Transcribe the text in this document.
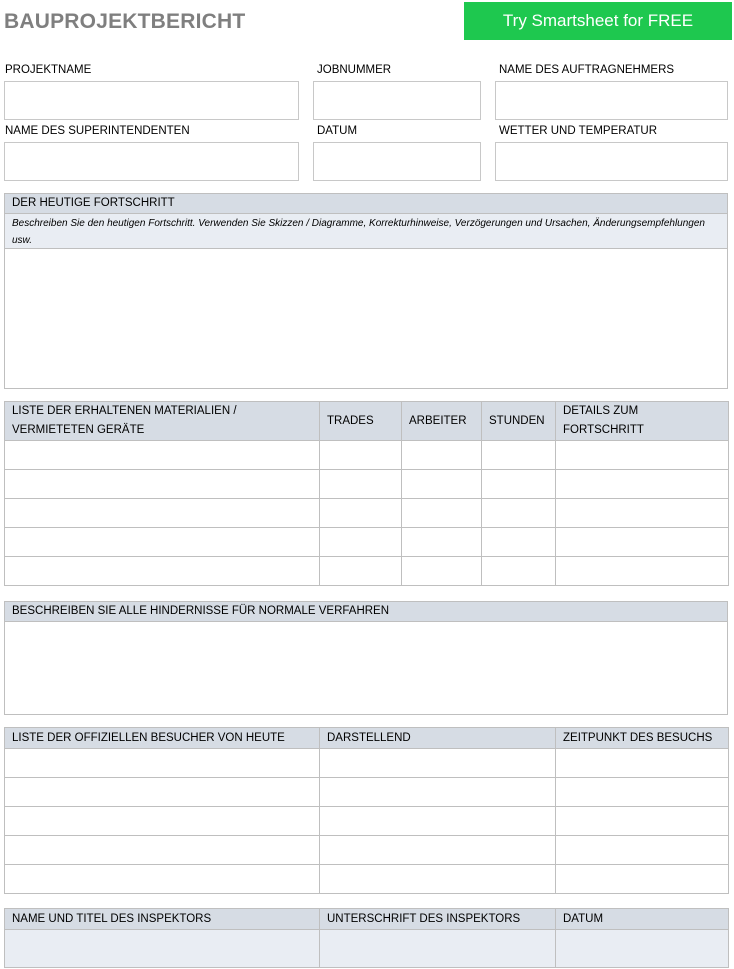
BAUPROJEKTBERICHT	Try Smartsheet for FREE
PROJEKTNAME	JOBNUMMER	NAME DES AUFTRAGNEHMERS
NAME DES SUPERINTENDENTEN	DATUM	WETTER UND TEMPERATUR
DER HEUTIGE FORTSCHRITT
Beschreiben Sie den heutigen Fortschritt. Verwenden Sie Skizzen / Diagramme, Korrekturhinweise, Verzögerungen und Ursachen, Änderungsempfehlungen usw.
LISTE DER ERHALTENEN MATERIALIEN / VERMIETETEN GERÄTE	TRADES	ARBEITER	STUNDEN	DETAILS ZUM FORTSCHRITT

BESCHREIBEN SIE ALLE HINDERNISSE FÜR NORMALE VERFAHREN
LISTE DER OFFIZIELLEN BESUCHER VON HEUTE	DARSTELLEND	ZEITPUNKT DES BESUCHS

NAME UND TITEL DES INSPEKTORS	UNTERSCHRIFT DES INSPEKTORS	DATUM
